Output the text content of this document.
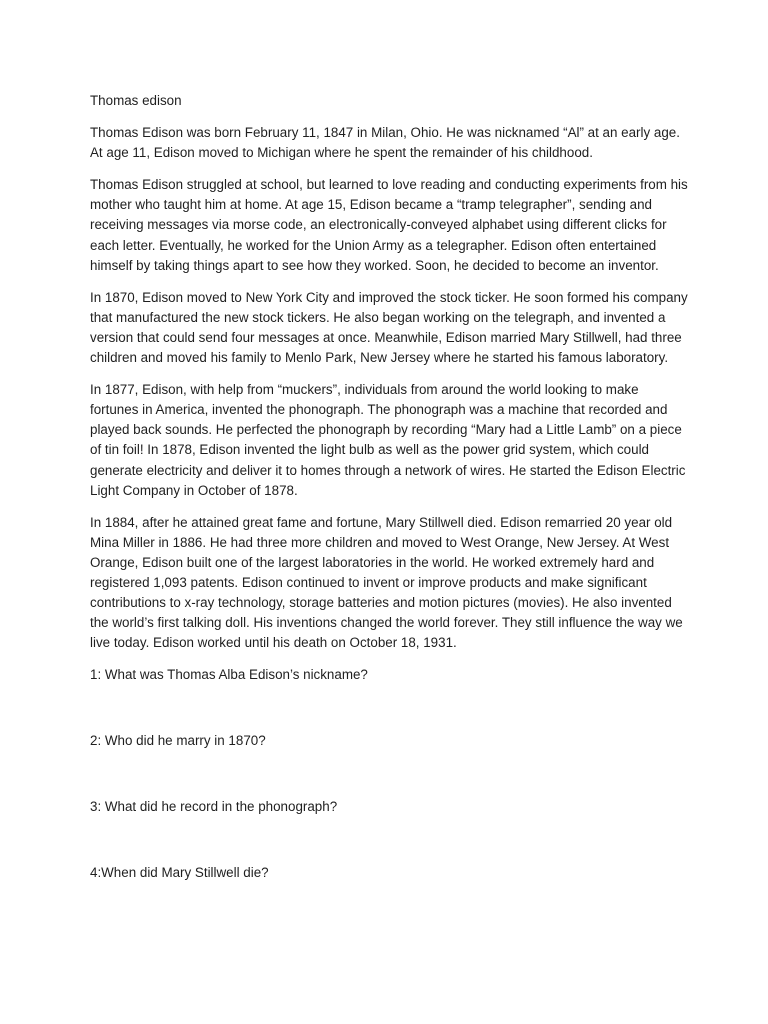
Thomas edison

Thomas Edison was born February 11, 1847 in Milan, Ohio. He was nicknamed “Al” at an early age. At age 11, Edison moved to Michigan where he spent the remainder of his childhood.

Thomas Edison struggled at school, but learned to love reading and conducting experiments from his mother who taught him at home. At age 15, Edison became a “tramp telegrapher”, sending and receiving messages via morse code, an electronically-conveyed alphabet using different clicks for each letter. Eventually, he worked for the Union Army as a telegrapher. Edison often entertained himself by taking things apart to see how they worked. Soon, he decided to become an inventor.

In 1870, Edison moved to New York City and improved the stock ticker. He soon formed his company that manufactured the new stock tickers. He also began working on the telegraph, and invented a version that could send four messages at once. Meanwhile, Edison married Mary Stillwell, had three children and moved his family to Menlo Park, New Jersey where he started his famous laboratory.

In 1877, Edison, with help from “muckers”, individuals from around the world looking to make fortunes in America, invented the phonograph. The phonograph was a machine that recorded and played back sounds. He perfected the phonograph by recording “Mary had a Little Lamb” on a piece of tin foil! In 1878, Edison invented the light bulb as well as the power grid system, which could generate electricity and deliver it to homes through a network of wires. He started the Edison Electric Light Company in October of 1878.

In 1884, after he attained great fame and fortune, Mary Stillwell died. Edison remarried 20 year old Mina Miller in 1886. He had three more children and moved to West Orange, New Jersey. At West Orange, Edison built one of the largest laboratories in the world. He worked extremely hard and registered 1,093 patents. Edison continued to invent or improve products and make significant contributions to x-ray technology, storage batteries and motion pictures (movies). He also invented the world’s first talking doll. His inventions changed the world forever. They still influence the way we live today. Edison worked until his death on October 18, 1931.

1: What was Thomas Alba Edison’s nickname?

2: Who did he marry in 1870?

3: What did he record in the phonograph?

4:When did Mary Stillwell die?
